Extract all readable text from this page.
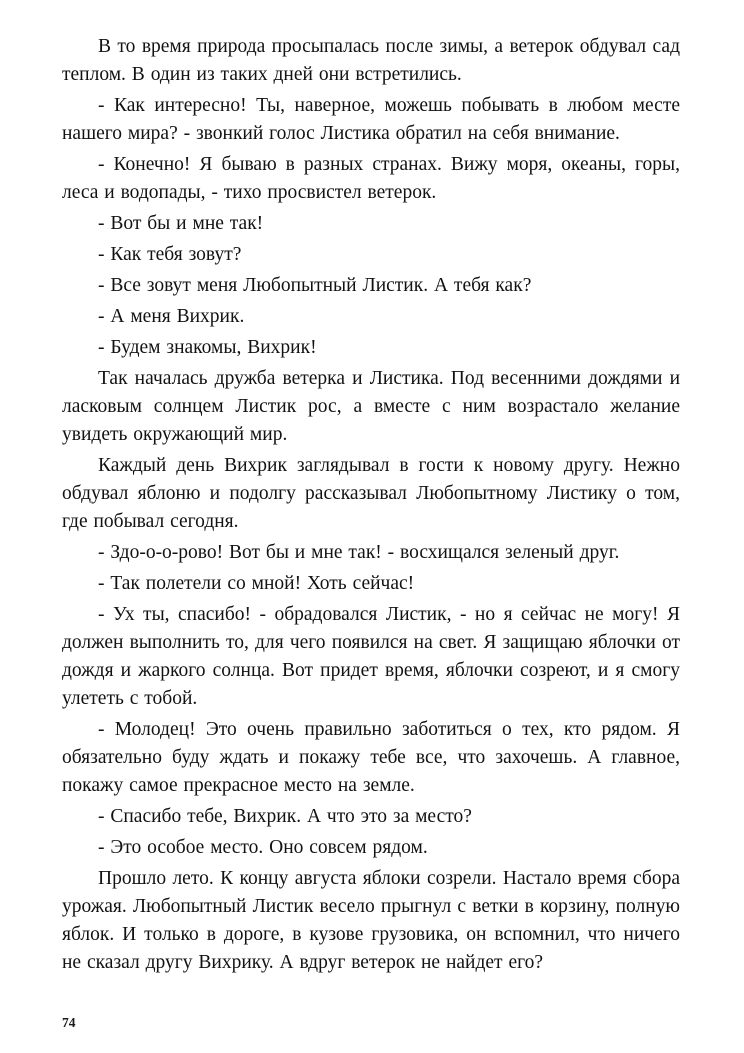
В то время природа просыпалась после зимы, а ветерок обдувал сад теплом. В один из таких дней они встретились.

- Как интересно! Ты, наверное, можешь побывать в любом месте нашего мира? - звонкий голос Листика обратил на себя внимание.

- Конечно! Я бываю в разных странах. Вижу моря, океаны, горы, леса и водопады, - тихо просвистел ветерок.

- Вот бы и мне так!

- Как тебя зовут?

- Все зовут меня Любопытный Листик. А тебя как?

- А меня Вихрик.

- Будем знакомы, Вихрик!

Так началась дружба ветерка и Листика. Под весенними дождями и ласковым солнцем Листик рос, а вместе с ним возрастало желание увидеть окружающий мир.

Каждый день Вихрик заглядывал в гости к новому другу. Нежно обдувал яблоню и подолгу рассказывал Любопытному Листику о том, где побывал сегодня.

- Здо-о-о-рово! Вот бы и мне так! - восхищался зеленый друг.

- Так полетели со мной! Хоть сейчас!

- Ух ты, спасибо! - обрадовался Листик, - но я сейчас не могу! Я должен выполнить то, для чего появился на свет. Я защищаю яблочки от дождя и жаркого солнца. Вот придет время, яблочки созреют, и я смогу улететь с тобой.

- Молодец! Это очень правильно заботиться о тех, кто рядом. Я обязательно буду ждать и покажу тебе все, что захочешь. А главное, покажу самое прекрасное место на земле.

- Спасибо тебе, Вихрик. А что это за место?

- Это особое место. Оно совсем рядом.

Прошло лето. К концу августа яблоки созрели. Настало время сбора урожая. Любопытный Листик весело прыгнул с ветки в корзину, полную яблок. И только в дороге, в кузове грузовика, он вспомнил, что ничего не сказал другу Вихрику. А вдруг ветерок не найдет его?

74
